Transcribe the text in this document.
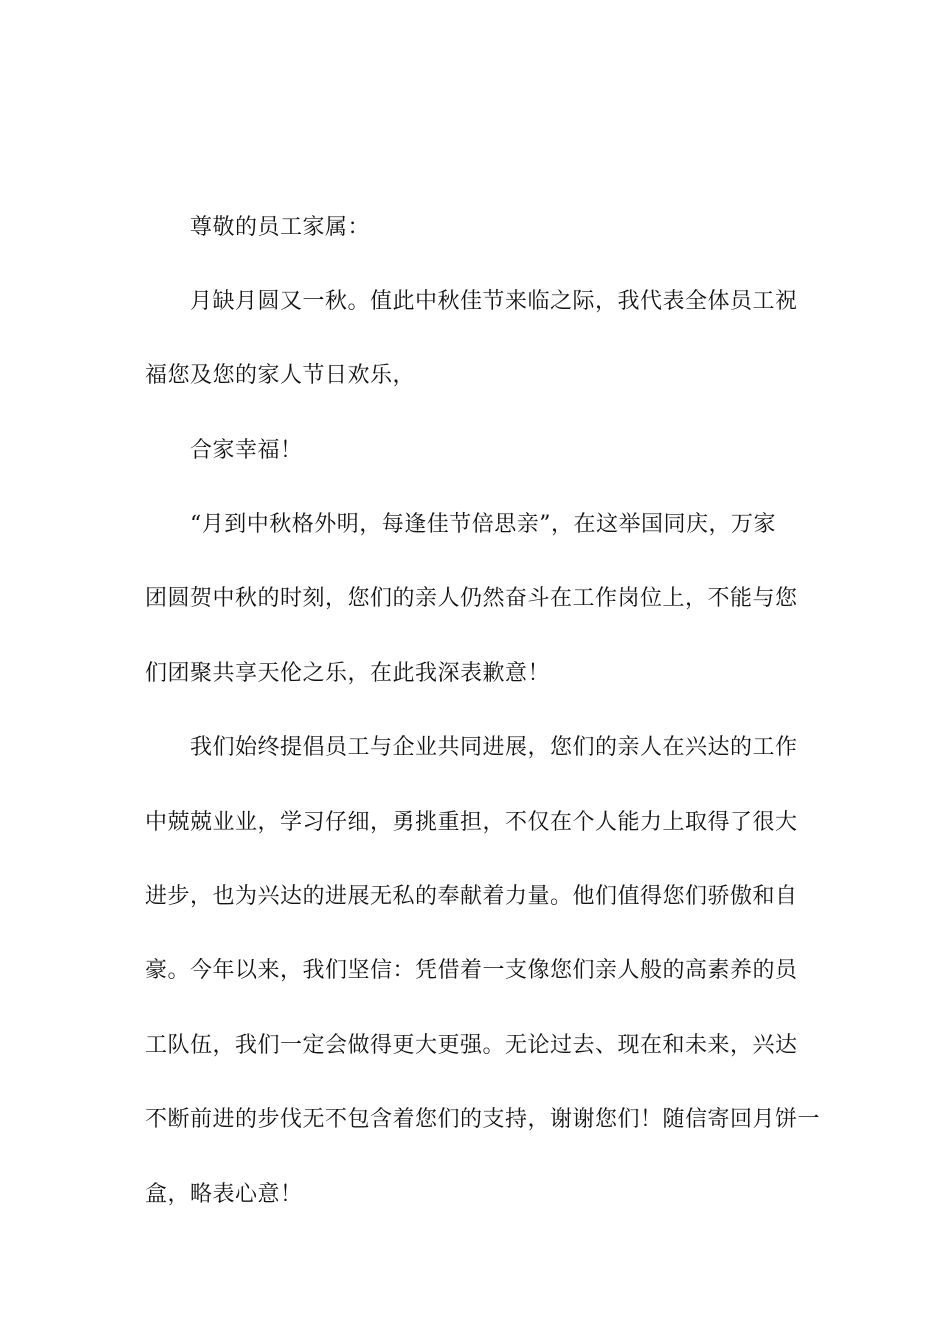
尊敬的员工家属：

月缺月圆又一秋。值此中秋佳节来临之际，我代表全体员工祝

福您及您的家人节日欢乐，

合家幸福！

“月到中秋格外明，每逢佳节倍思亲”，在这举国同庆，万家

团圆贺中秋的时刻，您们的亲人仍然奋斗在工作岗位上，不能与您

们团聚共享天伦之乐，在此我深表歉意！

我们始终提倡员工与企业共同进展，您们的亲人在兴达的工作

中兢兢业业，学习仔细，勇挑重担，不仅在个人能力上取得了很大

进步，也为兴达的进展无私的奉献着力量。他们值得您们骄傲和自

豪。今年以来，我们坚信：凭借着一支像您们亲人般的高素养的员

工队伍，我们一定会做得更大更强。无论过去、现在和未来，兴达

不断前进的步伐无不包含着您们的支持，谢谢您们！随信寄回月饼一

盒，略表心意！
